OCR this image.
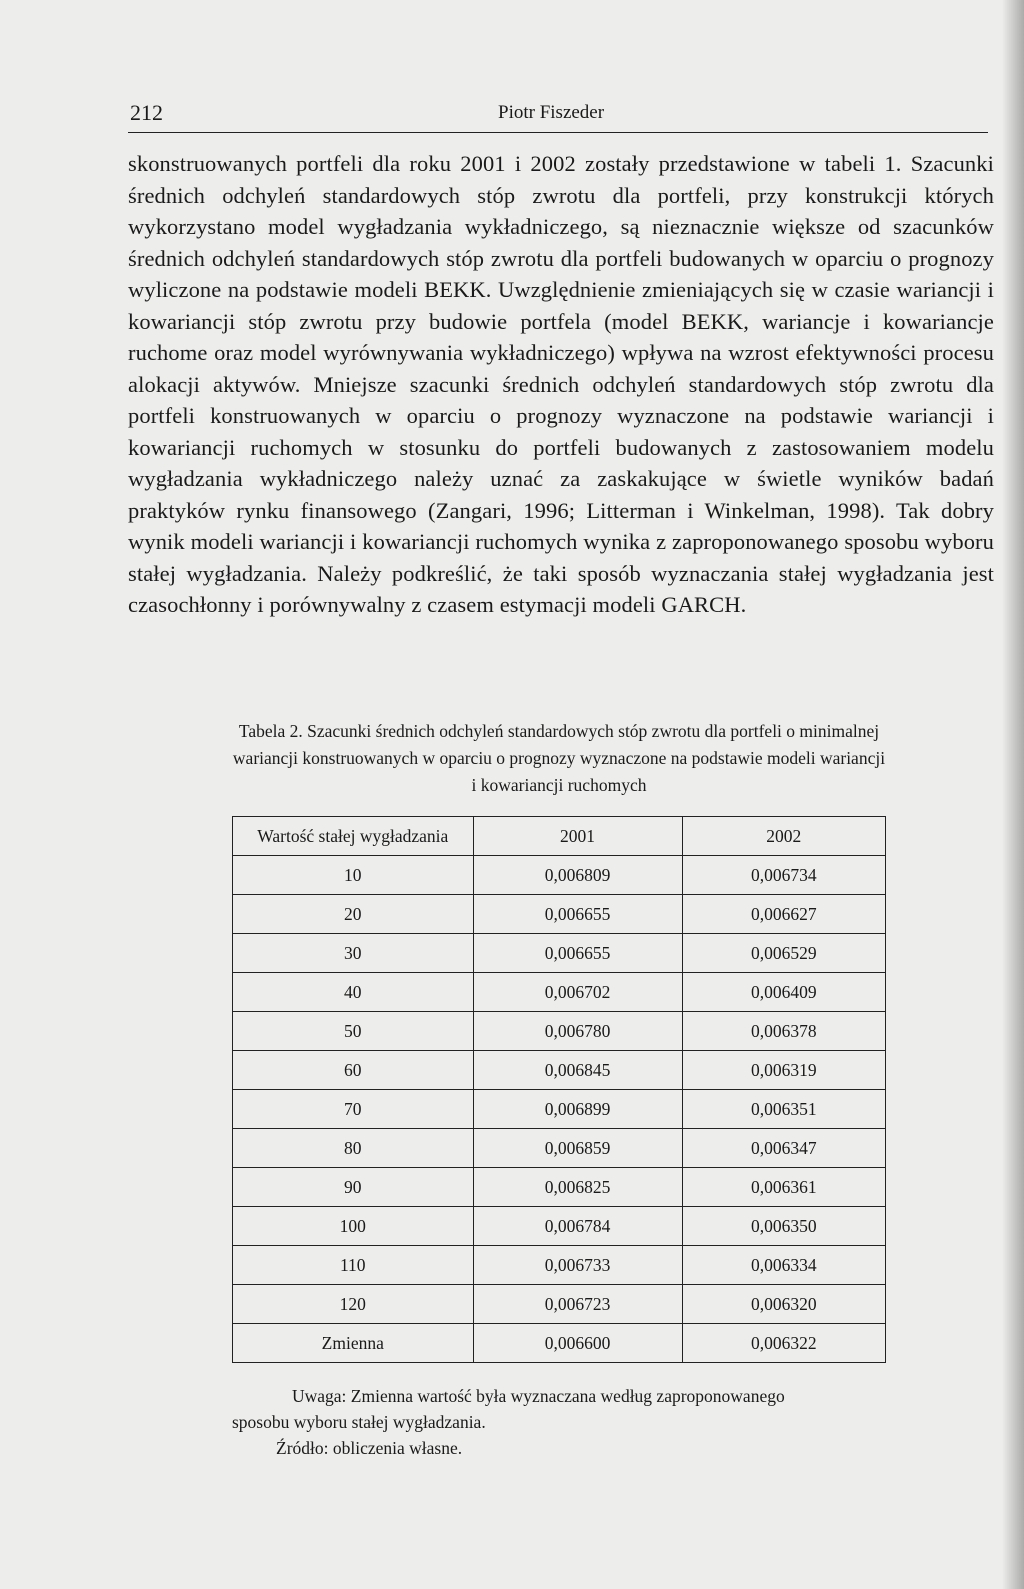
212	Piotr Fiszeder
skonstruowanych portfeli dla roku 2001 i 2002 zostały przedstawione w tabeli 1. Szacunki średnich odchyleń standardowych stóp zwrotu dla portfeli, przy konstrukcji których wykorzystano model wygładzania wykładniczego, są nieznacznie większe od szacunków średnich odchyleń standardowych stóp zwrotu dla portfeli budowanych w oparciu o prognozy wyliczone na podstawie modeli BEKK. Uwzględnienie zmieniających się w czasie wariancji i kowariancji stóp zwrotu przy budowie portfela (model BEKK, wariancje i kowariancje ruchome oraz model wyrównywania wykładniczego) wpływa na wzrost efektywności procesu alokacji aktywów. Mniejsze szacunki średnich odchyleń standardowych stóp zwrotu dla portfeli konstruowanych w oparciu o prognozy wyznaczone na podstawie wariancji i kowariancji ruchomych w stosunku do portfeli budowanych z zastosowaniem modelu wygładzania wykładniczego należy uznać za zaskakujące w świetle wyników badań praktyków rynku finansowego (Zangari, 1996; Litterman i Winkelman, 1998). Tak dobry wynik modeli wariancji i kowariancji ruchomych wynika z zaproponowanego sposobu wyboru stałej wygładzania. Należy podkreślić, że taki sposób wyznaczania stałej wygładzania jest czasochłonny i porównywalny z czasem estymacji modeli GARCH.
Tabela 2. Szacunki średnich odchyleń standardowych stóp zwrotu dla portfeli o minimalnej wariancji konstruowanych w oparciu o prognozy wyznaczone na podstawie modeli wariancji i kowariancji ruchomych
Wartość stałej wygładzania	2001	2002
10	0,006809	0,006734
20	0,006655	0,006627
30	0,006655	0,006529
40	0,006702	0,006409
50	0,006780	0,006378
60	0,006845	0,006319
70	0,006899	0,006351
80	0,006859	0,006347
90	0,006825	0,006361
100	0,006784	0,006350
110	0,006733	0,006334
120	0,006723	0,006320
Zmienna	0,006600	0,006322
Uwaga: Zmienna wartość była wyznaczana według zaproponowanego
sposobu wyboru stałej wygładzania.
Źródło: obliczenia własne.
